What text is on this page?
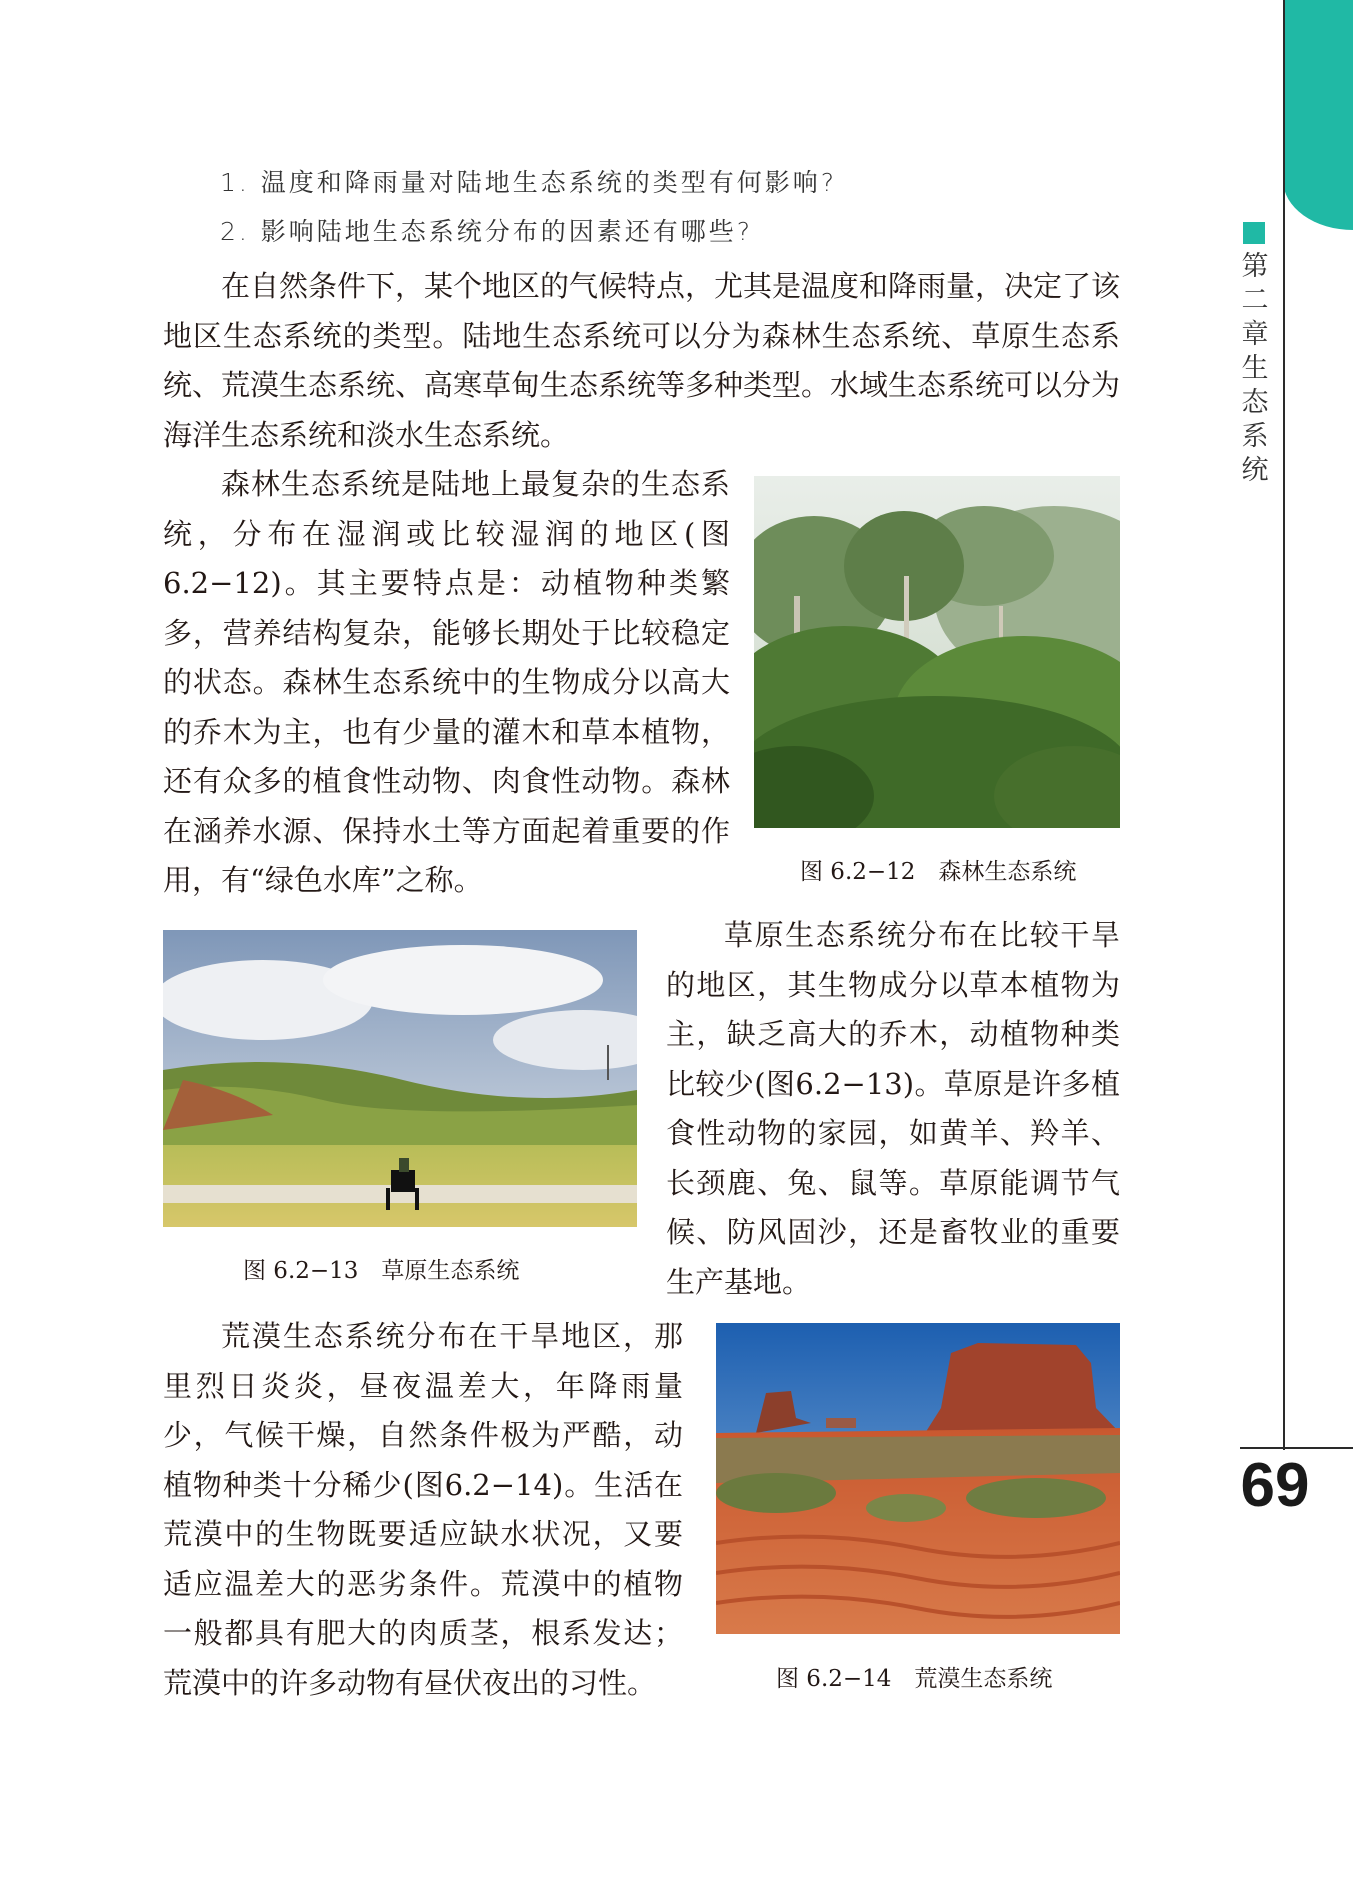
第二章 生态系统
69
1. 温度和降雨量对陆地生态系统的类型有何影响?
2. 影响陆地生态系统分布的因素还有哪些?

在自然条件下，某个地区的气候特点，尤其是温度和降雨量，决定了该地区生态系统的类型。陆地生态系统可以分为森林生态系统、草原生态系统、荒漠生态系统、高寒草甸生态系统等多种类型。水域生态系统可以分为海洋生态系统和淡水生态系统。

森林生态系统是陆地上最复杂的生态系统，分布在湿润或比较湿润的地区(图6.2−12)。其主要特点是：动植物种类繁多，营养结构复杂，能够长期处于比较稳定的状态。森林生态系统中的生物成分以高大的乔木为主，也有少量的灌木和草本植物，还有众多的植食性动物、肉食性动物。森林在涵养水源、保持水土等方面起着重要的作用，有“绿色水库”之称。	图 6.2−12　森林生态系统
图 6.2−13　草原生态系统

草原生态系统分布在比较干旱的地区，其生物成分以草本植物为主，缺乏高大的乔木，动植物种类比较少(图6.2−13)。草原是许多植食性动物的家园，如黄羊、羚羊、长颈鹿、兔、鼠等。草原能调节气候、防风固沙，还是畜牧业的重要生产基地。

荒漠生态系统分布在干旱地区，那里烈日炎炎，昼夜温差大，年降雨量少，气候干燥，自然条件极为严酷，动植物种类十分稀少(图6.2−14)。生活在荒漠中的生物既要适应缺水状况，又要适应温差大的恶劣条件。荒漠中的植物一般都具有肥大的肉质茎，根系发达；荒漠中的许多动物有昼伏夜出的习性。	图 6.2−14　荒漠生态系统
